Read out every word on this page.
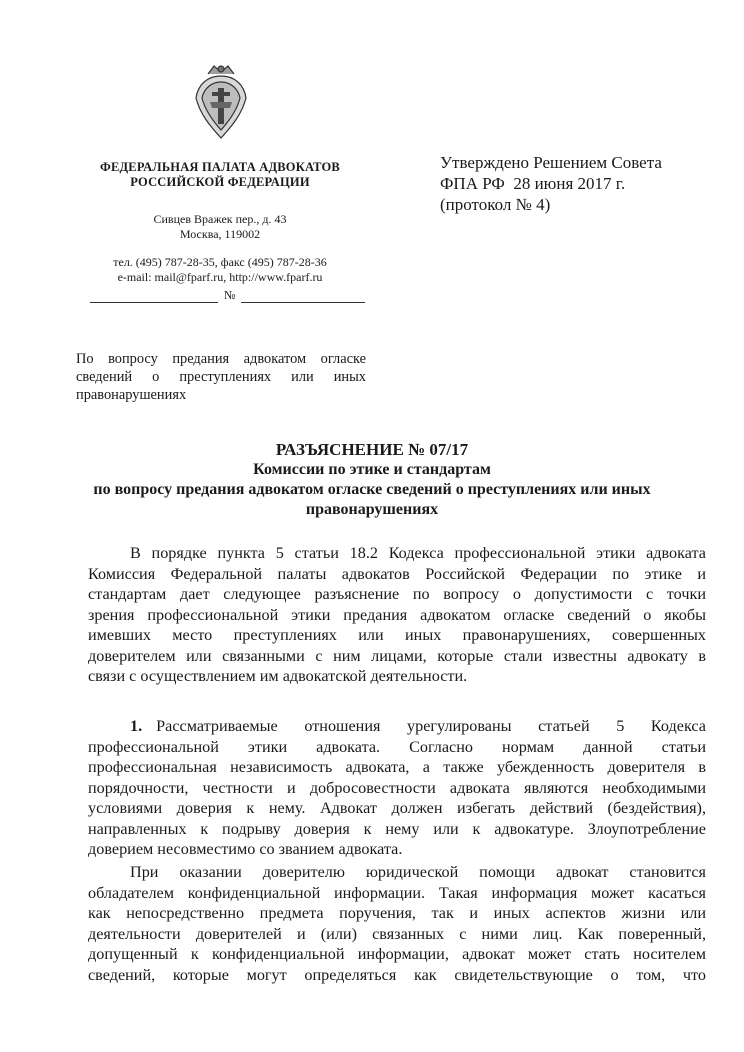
ФЕДЕРАЛЬНАЯ ПАЛАТА АДВОКАТОВ
РОССИЙСКОЙ ФЕДЕРАЦИИ
Сивцев Вражек пер., д. 43
Москва, 119002
тел. (495) 787-28-35, факс (495) 787-28-36
e-mail: mail@fparf.ru, http://www.fparf.ru
№
Утверждено Решением Совета
ФПА РФ  28 июня 2017 г.
(протокол № 4)
По вопросу предания адвокатом огласке
сведений о преступлениях или иных
правонарушениях
РАЗЪЯСНЕНИЕ № 07/17
Комиссии по этике и стандартам
по вопросу предания адвокатом огласке сведений о преступлениях или иных
правонарушениях
В порядке пункта 5 статьи 18.2 Кодекса профессиональной этики адвоката
Комиссия Федеральной палаты адвокатов Российской Федерации по этике и
стандартам дает следующее разъяснение по вопросу о допустимости с точки
зрения профессиональной этики предания адвокатом огласке сведений о якобы
имевших место преступлениях или иных правонарушениях, совершенных
доверителем или связанными с ним лицами, которые стали известны адвокату в
связи с осуществлением им адвокатской деятельности.
1. Рассматриваемые отношения урегулированы статьей 5 Кодекса
профессиональной этики адвоката. Согласно нормам данной статьи
профессиональная независимость адвоката, а также убежденность доверителя в
порядочности, честности и добросовестности адвоката являются необходимыми
условиями доверия к нему. Адвокат должен избегать действий (бездействия),
направленных к подрыву доверия к нему или к адвокатуре. Злоупотребление
доверием несовместимо со званием адвоката.
При оказании доверителю юридической помощи адвокат становится
обладателем конфиденциальной информации. Такая информация может касаться
как непосредственно предмета поручения, так и иных аспектов жизни или
деятельности доверителей и (или) связанных с ними лиц. Как поверенный,
допущенный к конфиденциальной информации, адвокат может стать носителем
сведений, которые могут определяться как свидетельствующие о том, что
